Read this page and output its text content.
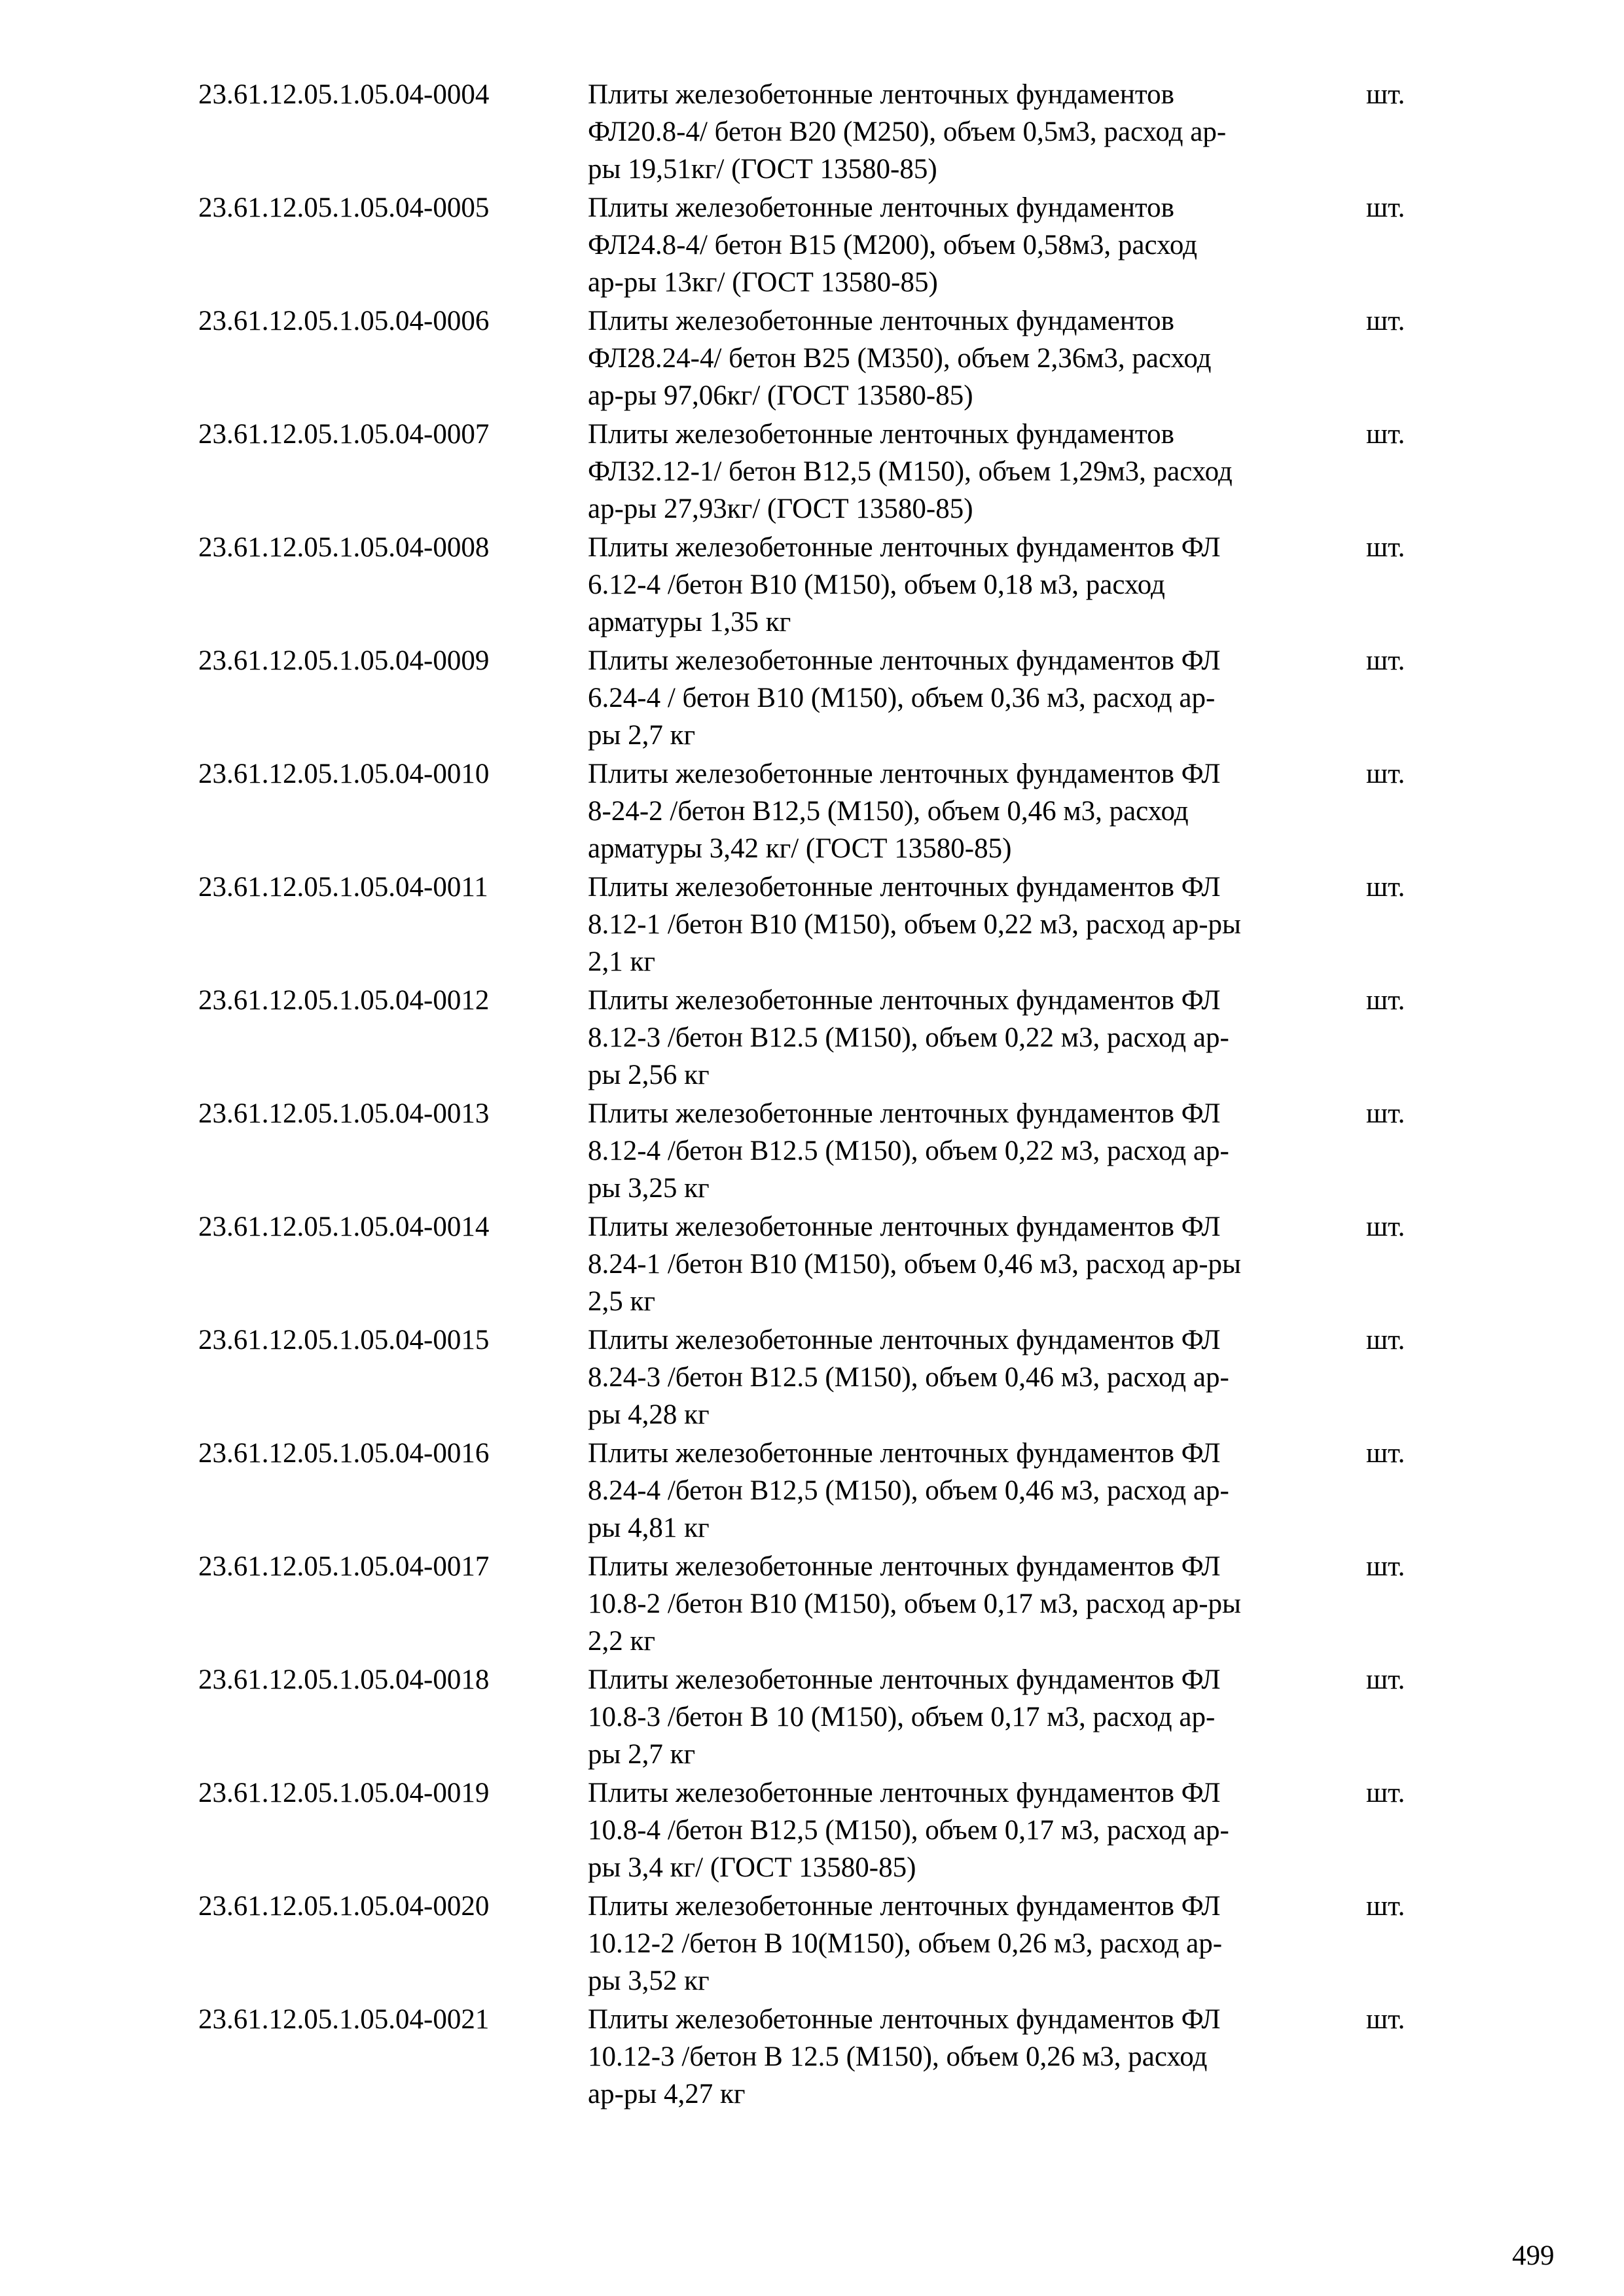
23.61.12.05.1.05.04-0004	Плиты железобетонные ленточных фундаментов
ФЛ20.8-4/ бетон В20 (М250), объем 0,5м3, расход ар-
ры 19,51кг/ (ГОСТ 13580-85)
шт.
23.61.12.05.1.05.04-0005	Плиты железобетонные ленточных фундаментов
ФЛ24.8-4/ бетон В15 (М200), объем 0,58м3, расход
ар-ры 13кг/ (ГОСТ 13580-85)
шт.
23.61.12.05.1.05.04-0006	Плиты железобетонные ленточных фундаментов
ФЛ28.24-4/ бетон В25 (М350), объем 2,36м3, расход
ар-ры 97,06кг/ (ГОСТ 13580-85)
шт.
23.61.12.05.1.05.04-0007	Плиты железобетонные ленточных фундаментов
ФЛ32.12-1/ бетон В12,5 (М150), объем 1,29м3, расход
ар-ры 27,93кг/ (ГОСТ 13580-85)
шт.
23.61.12.05.1.05.04-0008	Плиты железобетонные ленточных фундаментов ФЛ
6.12-4 /бетон В10 (М150), объем 0,18 м3, расход
арматуры 1,35 кг
шт.
23.61.12.05.1.05.04-0009	Плиты железобетонные ленточных фундаментов ФЛ
6.24-4 / бетон В10 (М150), объем 0,36 м3, расход ар-
ры 2,7 кг
шт.
23.61.12.05.1.05.04-0010	Плиты железобетонные ленточных фундаментов ФЛ
8-24-2 /бетон В12,5 (М150), объем 0,46 м3, расход
арматуры 3,42 кг/ (ГОСТ 13580-85)
шт.
23.61.12.05.1.05.04-0011	Плиты железобетонные ленточных фундаментов ФЛ
8.12-1 /бетон В10 (М150), объем 0,22 м3, расход ар-ры
2,1 кг
шт.
23.61.12.05.1.05.04-0012	Плиты железобетонные ленточных фундаментов ФЛ
8.12-3 /бетон В12.5 (М150), объем 0,22 м3, расход ар-
ры 2,56 кг
шт.
23.61.12.05.1.05.04-0013	Плиты железобетонные ленточных фундаментов ФЛ
8.12-4 /бетон В12.5 (М150), объем 0,22 м3, расход ар-
ры 3,25 кг
шт.
23.61.12.05.1.05.04-0014	Плиты железобетонные ленточных фундаментов ФЛ
8.24-1 /бетон В10 (М150), объем 0,46 м3, расход ар-ры
2,5 кг
шт.
23.61.12.05.1.05.04-0015	Плиты железобетонные ленточных фундаментов ФЛ
8.24-3 /бетон В12.5 (М150), объем 0,46 м3, расход ар-
ры 4,28 кг
шт.
23.61.12.05.1.05.04-0016	Плиты железобетонные ленточных фундаментов ФЛ
8.24-4 /бетон В12,5 (М150), объем 0,46 м3, расход ар-
ры 4,81 кг
шт.
23.61.12.05.1.05.04-0017	Плиты железобетонные ленточных фундаментов ФЛ
10.8-2 /бетон В10 (М150), объем 0,17 м3, расход ар-ры
2,2 кг
шт.
23.61.12.05.1.05.04-0018	Плиты железобетонные ленточных фундаментов ФЛ
10.8-3 /бетон В 10 (М150), объем 0,17 м3, расход ар-
ры 2,7 кг
шт.
23.61.12.05.1.05.04-0019	Плиты железобетонные ленточных фундаментов ФЛ
10.8-4 /бетон В12,5 (М150), объем 0,17 м3, расход ар-
ры 3,4 кг/ (ГОСТ 13580-85)
шт.
23.61.12.05.1.05.04-0020	Плиты железобетонные ленточных фундаментов ФЛ
10.12-2 /бетон В 10(М150), объем 0,26 м3, расход ар-
ры 3,52 кг
шт.
23.61.12.05.1.05.04-0021	Плиты железобетонные ленточных фундаментов ФЛ
10.12-3 /бетон В 12.5 (М150), объем 0,26 м3, расход
ар-ры 4,27 кг
шт.
499
